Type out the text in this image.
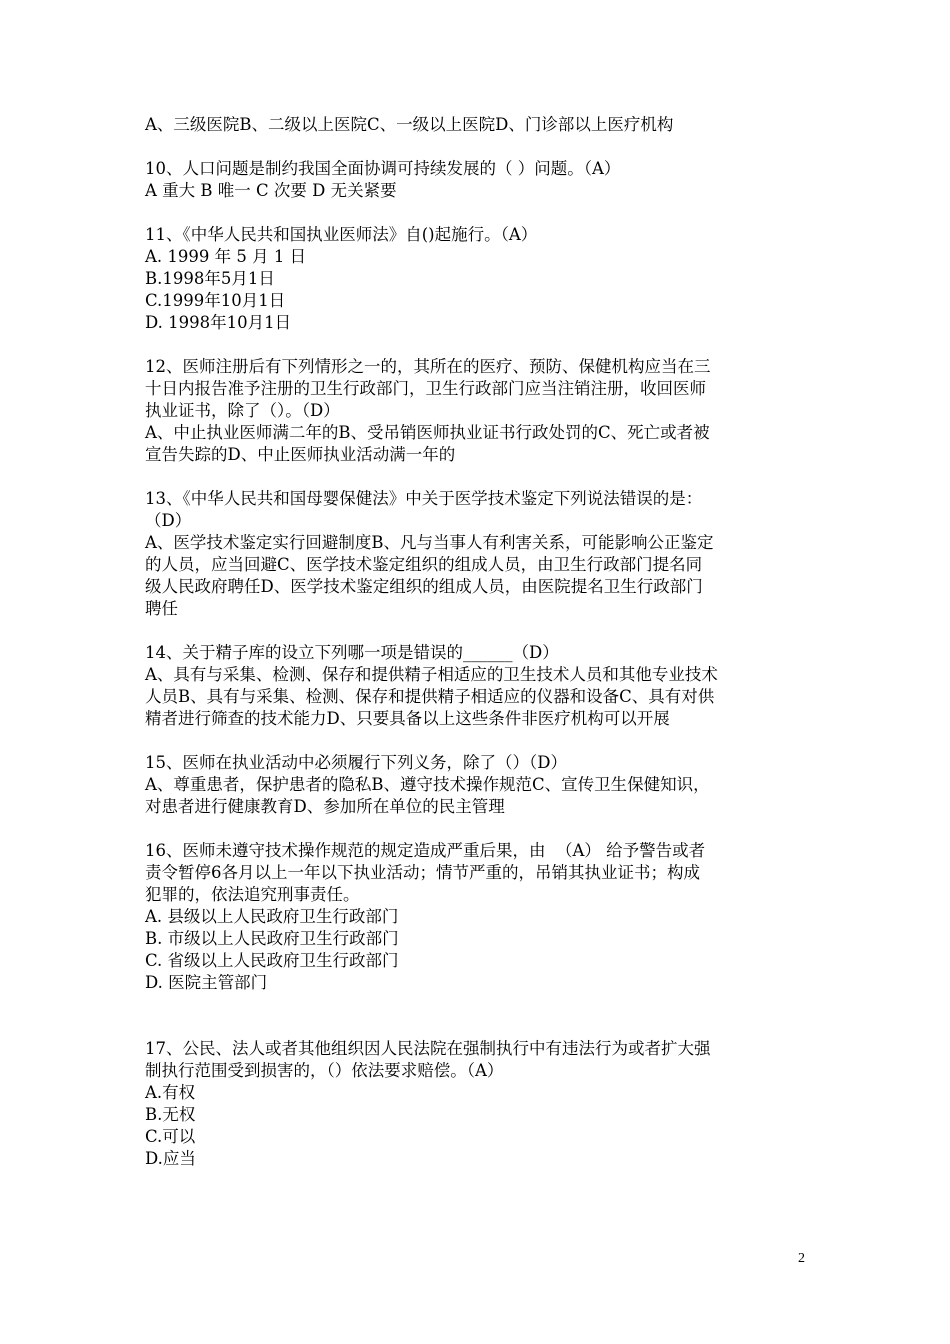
A、三级医院B、二级以上医院C、一级以上医院D、门诊部以上医疗机构
10、人口问题是制约我国全面协调可持续发展的（ ）问题。（A）
A 重大 B 唯一 C 次要 D 无关紧要
11、《中华人民共和国执业医师法》自()起施行。（A）
A. 1999 年 5 月 1 日
B.1998年5月1日
C.1999年10月1日
D. 1998年10月1日
12、医师注册后有下列情形之一的，其所在的医疗、预防、保健机构应当在三
十日内报告准予注册的卫生行政部门，卫生行政部门应当注销注册，收回医师
执业证书，除了（）。（D）
A、中止执业医师满二年的B、受吊销医师执业证书行政处罚的C、死亡或者被
宣告失踪的D、中止医师执业活动满一年的
13、《中华人民共和国母婴保健法》中关于医学技术鉴定下列说法错误的是：
（D）
A、医学技术鉴定实行回避制度B、凡与当事人有利害关系，可能影响公正鉴定
的人员，应当回避C、医学技术鉴定组织的组成人员，由卫生行政部门提名同
级人民政府聘任D、医学技术鉴定组织的组成人员，由医院提名卫生行政部门
聘任
14、关于精子库的设立下列哪一项是错误的______（D）
A、具有与采集、检测、保存和提供精子相适应的卫生技术人员和其他专业技术
人员B、具有与采集、检测、保存和提供精子相适应的仪器和设备C、具有对供
精者进行筛查的技术能力D、只要具备以上这些条件非医疗机构可以开展
15、医师在执业活动中必须履行下列义务，除了（）（D）
A、尊重患者，保护患者的隐私B、遵守技术操作规范C、宣传卫生保健知识，
对患者进行健康教育D、参加所在单位的民主管理
16、医师未遵守技术操作规范的规定造成严重后果，由  （A） 给予警告或者
责令暂停6各月以上一年以下执业活动；情节严重的，吊销其执业证书；构成
犯罪的，依法追究刑事责任。
A. 县级以上人民政府卫生行政部门
B. 市级以上人民政府卫生行政部门
C. 省级以上人民政府卫生行政部门
D. 医院主管部门
17、公民、法人或者其他组织因人民法院在强制执行中有违法行为或者扩大强
制执行范围受到损害的，（）依法要求赔偿。（A）
A.有权
B.无权
C.可以
D.应当
2
